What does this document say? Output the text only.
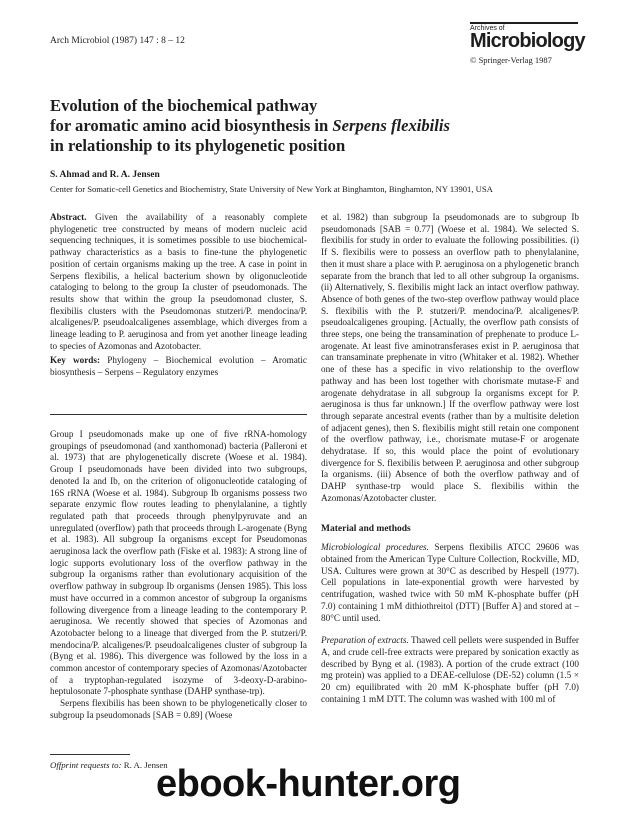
Arch Microbiol (1987) 147 : 8 – 12
Archives of
Microbiology
© Springer-Verlag 1987
Evolution of the biochemical pathway
for aromatic amino acid biosynthesis in Serpens flexibilis
in relationship to its phylogenetic position
S. Ahmad and R. A. Jensen
Center for Somatic-cell Genetics and Biochemistry, State University of New York at Binghamton, Binghamton, NY 13901, USA

Abstract. Given the availability of a reasonably complete phylogenetic tree constructed by means of modern nucleic acid sequencing techniques, it is sometimes possible to use biochemical-pathway characteristics as a basis to fine-tune the phylogenetic position of certain organisms making up the tree. A case in point in Serpens flexibilis, a helical bacterium shown by oligonucleotide cataloging to belong to the group Ia cluster of pseudomonads. The results show that within the group Ia pseudomonad cluster, S. flexibilis clusters with the Pseudomonas stutzeri/P. mendocina/P. alcaligenes/P. pseudoalcaligenes assemblage, which diverges from a lineage leading to P. aeruginosa and from yet another lineage leading to species of Azomonas and Azotobacter.

Key words: Phylogeny – Biochemical evolution – Aromatic biosynthesis – Serpens – Regulatory enzymes

Group I pseudomonads make up one of five rRNA-homology groupings of pseudomonad (and xanthomonad) bacteria (Palleroni et al. 1973) that are phylogenetically discrete (Woese et al. 1984). Group I pseudomonads have been divided into two subgroups, denoted Ia and Ib, on the criterion of oligonucleotide cataloging of 16S rRNA (Woese et al. 1984). Subgroup Ib organisms possess two separate enzymic flow routes leading to phenylalanine, a tightly regulated path that proceeds through phenylpyruvate and an unregulated (overflow) path that proceeds through L-arogenate (Byng et al. 1983). All subgroup Ia organisms except for Pseudomonas aeruginosa lack the overflow path (Fiske et al. 1983): A strong line of logic supports evolutionary loss of the overflow pathway in the subgroup Ia organisms rather than evolutionary acquisition of the overflow pathway in subgroup Ib organisms (Jensen 1985). This loss must have occurred in a common ancestor of subgroup Ia organisms following divergence from a lineage leading to the contemporary P. aeruginosa. We recently showed that species of Azomonas and Azotobacter belong to a lineage that diverged from the P. stutzeri/P. mendocina/P. alcaligenes/P. pseudoalcaligenes cluster of subgroup Ia (Byng et al. 1986). This divergence was followed by the loss in a common ancestor of contemporary species of Azomonas/Azotobacter of a tryptophan-regulated isozyme of 3-deoxy-D-arabino-heptulosonate 7-phosphate synthase (DAHP synthase-trp).

Serpens flexibilis has been shown to be phylogenetically closer to subgroup Ia pseudomonads [SAB = 0.89] (Woese

et al. 1982) than subgroup Ia pseudomonads are to subgroup Ib pseudomonads [SAB = 0.77] (Woese et al. 1984). We selected S. flexibilis for study in order to evaluate the following possibilities. (i) If S. flexibilis were to possess an overflow path to phenylalanine, then it must share a place with P. aeruginosa on a phylogenetic branch separate from the branch that led to all other subgroup Ia organisms. (ii) Alternatively, S. flexibilis might lack an intact overflow pathway. Absence of both genes of the two-step overflow pathway would place S. flexibilis with the P. stutzeri/P. mendocina/P. alcaligenes/P. pseudoalcaligenes grouping. [Actually, the overflow path consists of three steps, one being the transamination of prephenate to produce L-arogenate. At least five aminotransferases exist in P. aeruginosa that can transaminate prephenate in vitro (Whitaker et al. 1982). Whether one of these has a specific in vivo relationship to the overflow pathway and has been lost together with chorismate mutase-F and arogenate dehydratase in all subgroup Ia organisms except for P. aeruginosa is thus far unknown.] If the overflow pathway were lost through separate ancestral events (rather than by a multisite deletion of adjacent genes), then S. flexibilis might still retain one component of the overflow pathway, i.e., chorismate mutase-F or arogenate dehydratase. If so, this would place the point of evolutionary divergence for S. flexibilis between P. aeruginosa and other subgroup Ia organisms. (iii) Absence of both the overflow pathway and of DAHP synthase-trp would place S. flexibilis within the Azomonas/Azotobacter cluster.

Material and methods

Microbiological procedures. Serpens flexibilis ATCC 29606 was obtained from the American Type Culture Collection, Rockville, MD, USA. Cultures were grown at 30°C as described by Hespell (1977). Cell populations in late-exponential growth were harvested by centrifugation, washed twice with 50 mM K-phosphate buffer (pH 7.0) containing 1 mM dithiothreitol (DTT) [Buffer A] and stored at – 80°C until used.

Preparation of extracts. Thawed cell pellets were suspended in Buffer A, and crude cell-free extracts were prepared by sonication exactly as described by Byng et al. (1983). A portion of the crude extract (100 mg protein) was applied to a DEAE-cellulose (DE-52) column (1.5 × 20 cm) equilibrated with 20 mM K-phosphate buffer (pH 7.0) containing 1 mM DTT. The column was washed with 100 ml of

Offprint requests to: R. A. Jensen
ebook-hunter.org
